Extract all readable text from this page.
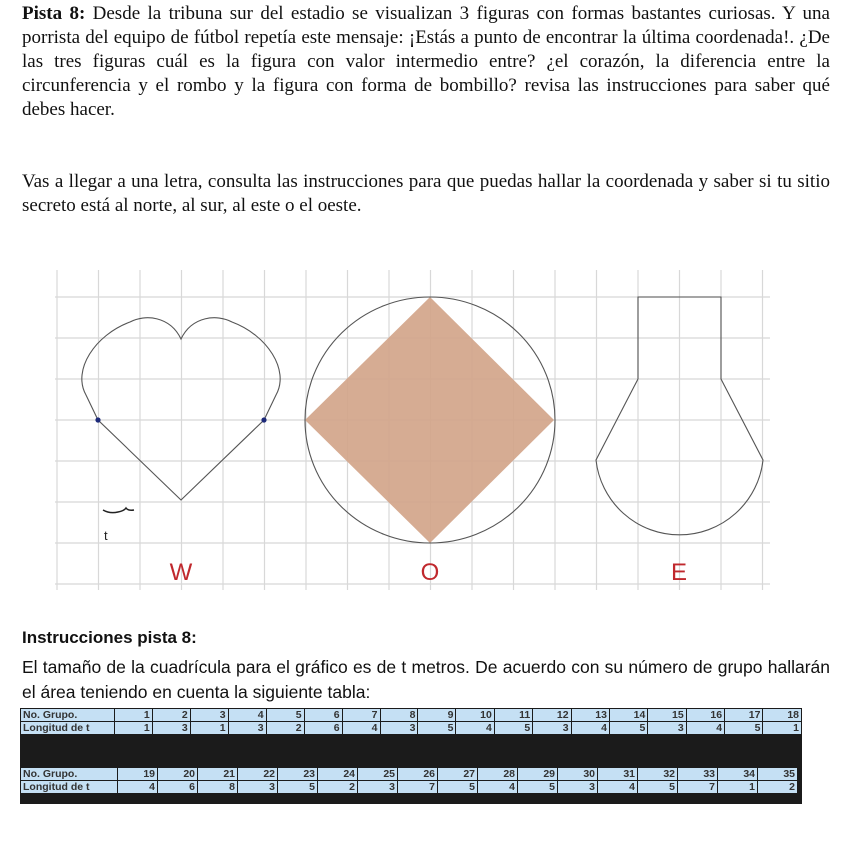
Pista 8: Desde la tribuna sur del estadio se visualizan 3 figuras con formas bastantes curiosas. Y una porrista del equipo de fútbol repetía este mensaje: ¡Estás a punto de encontrar la última coordenada!. ¿De las tres figuras cuál es la figura con valor intermedio entre? ¿el corazón, la diferencia entre la circunferencia y el rombo y la figura con forma de bombillo? revisa las instrucciones para saber qué debes hacer.
Vas a llegar a una letra, consulta las instrucciones para que puedas hallar la coordenada y saber si tu sitio secreto está al norte, al sur, al este o el oeste.
t
W	O	E
Instrucciones pista 8:
El tamaño de la cuadrícula para el gráfico es de t metros. De acuerdo con su número de grupo hallarán el área teniendo en cuenta la siguiente tabla:
No. Grupo.	1	2	3	4	5	6	7	8	9	10	11	12	13	14	15	16	17	18
Longitud de t	1	3	1	3	2	6	4	3	5	4	5	3	4	5	3	4	5	1
No. Grupo.	19	20	21	22	23	24	25	26	27	28	29	30	31	32	33	34	35
Longitud de t	4	6	8	3	5	2	3	7	5	4	5	3	4	5	7	1	2
